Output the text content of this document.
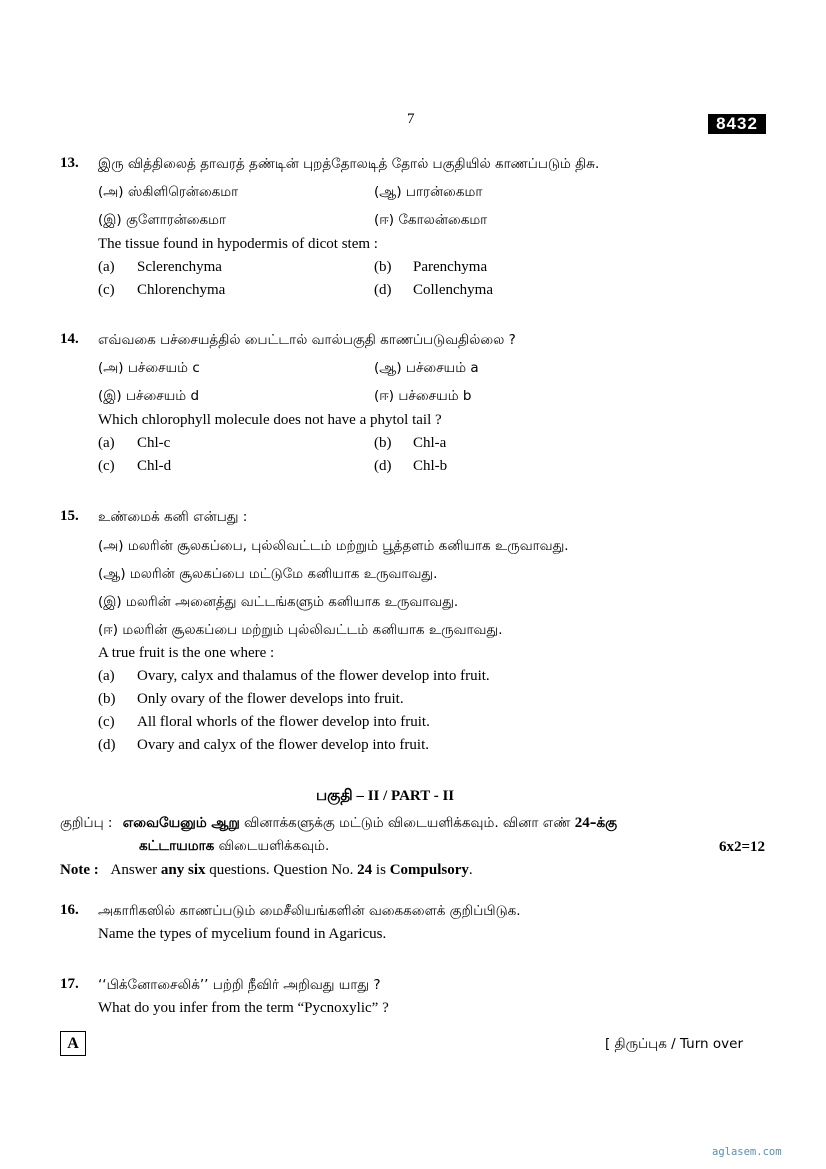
7	8432
13. இரு வித்திலைத் தாவரத் தண்டின் புறத்தோலடித் தோல் பகுதியில் காணப்படும் திசு.
(அ) ஸ்கிளிரென்கைமா	(ஆ) பாரன்கைமா
(இ) குளோரன்கைமா	(ஈ) கோலன்கைமா
The tissue found in hypodermis of dicot stem :
(a) Sclerenchyma	(b) Parenchyma
(c) Chlorenchyma	(d) Collenchyma
14. எவ்வகை பச்சையத்தில் பைட்டால் வால்பகுதி காணப்படுவதில்லை ?
(அ) பச்சையம் c	(ஆ) பச்சையம் a
(இ) பச்சையம் d	(ஈ) பச்சையம் b
Which chlorophyll molecule does not have a phytol tail ?
(a) Chl-c	(b) Chl-a
(c) Chl-d	(d) Chl-b
15. உண்மைக் கனி என்பது :
(அ) மலரின் சூலகப்பை, புல்லிவட்டம் மற்றும் பூத்தளம் கனியாக உருவாவது.
(ஆ) மலரின் சூலகப்பை மட்டுமே கனியாக உருவாவது.
(இ) மலரின் அனைத்து வட்டங்களும் கனியாக உருவாவது.
(ஈ) மலரின் சூலகப்பை மற்றும் புல்லிவட்டம் கனியாக உருவாவது.
A true fruit is the one where :
(a) Ovary, calyx and thalamus of the flower develop into fruit.
(b) Only ovary of the flower develops into fruit.
(c) All floral whorls of the flower develop into fruit.
(d) Ovary and calyx of the flower develop into fruit.
பகுதி – II / PART - II
குறிப்பு : எவையேனும் ஆறு வினாக்களுக்கு மட்டும் விடையளிக்கவும். வினா எண் 24–க்கு
கட்டாயமாக விடையளிக்கவும்.	6x2=12
Note : Answer any six questions. Question No. 24 is Compulsory.
16. அகாரிகஸில் காணப்படும் மைசீலியங்களின் வகைகளைக் குறிப்பிடுக.
Name the types of mycelium found in Agaricus.
17. ‘‘பிக்னோசைலிக்’’ பற்றி நீவிர் அறிவது யாது ?
What do you infer from the term “Pycnoxylic” ?
A	[ திருப்புக / Turn over
aglasem.com
